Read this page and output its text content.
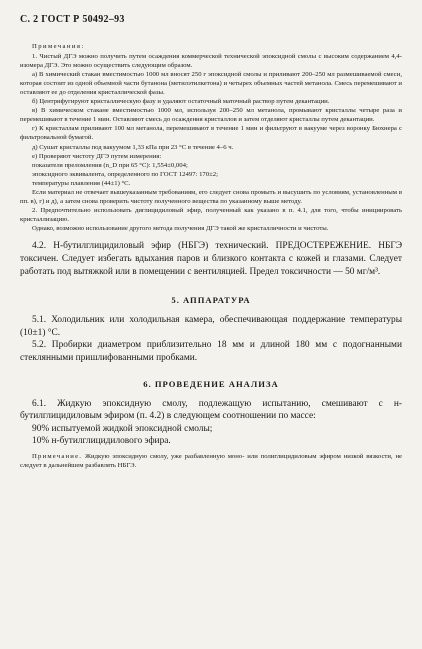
С. 2 ГОСТ Р 50492–93

Примечания:

1. Чистый ДГЭ можно получить путем осаждения коммерческой технической эпоксидной смолы с высоким содержанием 4,4-изомера ДГЭ. Это можно осуществить следующим образом.

а) В химический стакан вместимостью 1000 мл вносят 250 г эпоксидной смолы и приливают 200–250 мл размешиваемой смеси, которая состоит из одной объемной части бутанона (метилэтилкетона) и четырех объемных частей метанола. Смесь перемешивают и оставляют ее до отделения кристаллической фазы.

б) Центрифугируют кристаллическую фазу и удаляют остаточный маточный раствор путем декантации.

в) В химическом стакане вместимостью 1000 мл, используя 200–250 мл метанола, промывают кристаллы четыре раза и перемешивают в течение 1 мин. Оставляют смесь до осаждения кристаллов и затем отделяют кристаллы путем декантации.

г) К кристаллам приливают 100 мл метанола, перемешивают в течение 1 мин и фильтруют в вакууме через воронку Бюхнера с фильтровальной бумагой.

д) Сушат кристаллы под вакуумом 1,33 кПа при 23 °С в течение 4–6 ч.

е) Проверяют чистоту ДГЭ путем измерения:

показателя преломления (n_D при 65 °С): 1,554±0,004;

эпоксидного эквивалента, определенного по ГОСТ 12497: 170±2;

температуры плавления (44±1) °С.

Если материал не отвечает вышеуказанным требованиям, его следует снова промыть и высушить по условиям, установленным в пп. в), г) и д), а затем снова проверить чистоту полученного вещества по указанному выше методу.

2. Предпочтительно использовать диглицидиловый эфир, полученный как указано в п. 4.1, для того, чтобы инициировать кристаллизацию.

Однако, возможно использование другого метода получения ДГЭ такой же кристалличности и чистоты.

4.2. Н-бутилглицидиловый эфир (НБГЭ) технический. ПРЕДОСТЕРЕЖЕНИЕ. НБГЭ токсичен. Следует избегать вдыхания паров и близкого контакта с кожей и глазами. Следует работать под вытяжкой или в помещении с вентиляцией. Предел токсичности — 50 мг/м³.

5. АППАРАТУРА

5.1. Холодильник или холодильная камера, обеспечивающая поддержание температуры (10±1) °С.

5.2. Пробирки диаметром приблизительно 18 мм и длиной 180 мм с подогнанными стеклянными пришлифованными пробками.

6. ПРОВЕДЕНИЕ АНАЛИЗА

6.1. Жидкую эпоксидную смолу, подлежащую испытанию, смешивают с н-бутилглицидиловым эфиром (п. 4.2) в следующем соотношении по массе:

90% испытуемой жидкой эпоксидной смолы;

10% н-бутилглицидилового эфира.

Примечание. Жидкую эпоксидную смолу, уже разбавленную моно- или полиглицидиловым эфиром низкой вязкости, не следует в дальнейшем разбавлять НБГЭ.
